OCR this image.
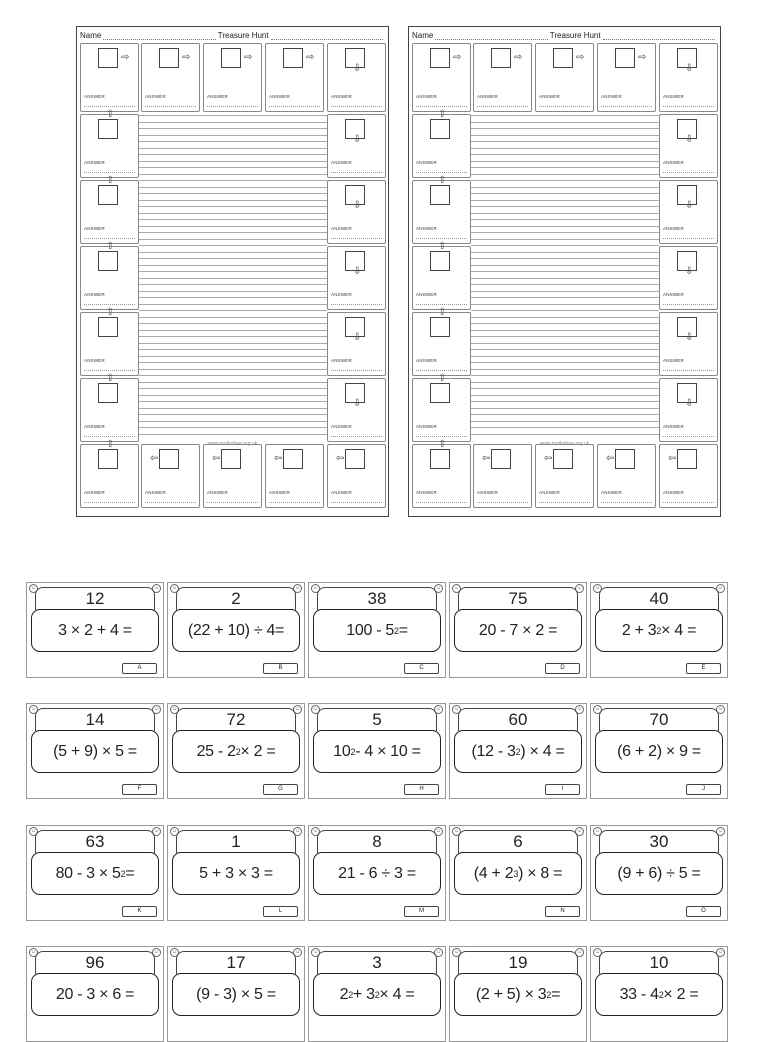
Name	Treasure Hunt
⇨
ANSWER
⇨
ANSWER
⇨
ANSWER
⇨
ANSWER
⇩
ANSWER
⇧
ANSWER
⇩
ANSWER
⇧
ANSWER
⇩
ANSWER
⇧
ANSWER
⇩
ANSWER
⇧
ANSWER
⇩
ANSWER
⇧
ANSWER
⇩
ANSWER
⇧
ANSWER
⇦
ANSWER
⇦
ANSWER
⇦
ANSWER
⇦
ANSWER
www.mathsfree.org.uk
Name	Treasure Hunt
⇨
ANSWER
⇨
ANSWER
⇨
ANSWER
⇨
ANSWER
⇩
ANSWER
⇧
ANSWER
⇩
ANSWER
⇧
ANSWER
⇩
ANSWER
⇧
ANSWER
⇩
ANSWER
⇧
ANSWER
⇩
ANSWER
⇧
ANSWER
⇩
ANSWER
⇧
ANSWER
⇦
ANSWER
⇦
ANSWER
⇦
ANSWER
⇦
ANSWER
www.mathsfree.org.uk
☺	☺
12
3 × 2 + 4 =
A
☺	☺
2
(22 + 10) ÷ 4=
B
☺	☺
38
100 - 5 2 =
C
☺	☺
75
20 - 7 × 2 =
D
☺	☺
40
2 + 3 2 × 4 =
E
☺	☺
14
(5 + 9) × 5 =
F
☺	☺
72
25 - 2 2 × 2 =
G
☺	☺
5
10 2 - 4 × 10 =
H
☺	☺
60
(12 - 3 2 ) × 4 =
I
☺	☺
70
(6 + 2) × 9 =
J
☺	☺
63
80 - 3 × 5 2 =
K
☺	☺
1
5 + 3 × 3 =
L
☺	☺
8
21 - 6 ÷ 3 =
M
☺	☺
6
(4 + 2 3 ) × 8 =
N
☺	☺
30
(9 + 6) ÷ 5 =
O
☺	☺
96
20 - 3 × 6 =
☺	☺
17
(9 - 3) × 5 =
☺	☺
3
2 2 + 3 2 × 4 =
☺	☺
19
(2 + 5) × 3 2 =
☺	☺
10
33 - 4 2 × 2 =
